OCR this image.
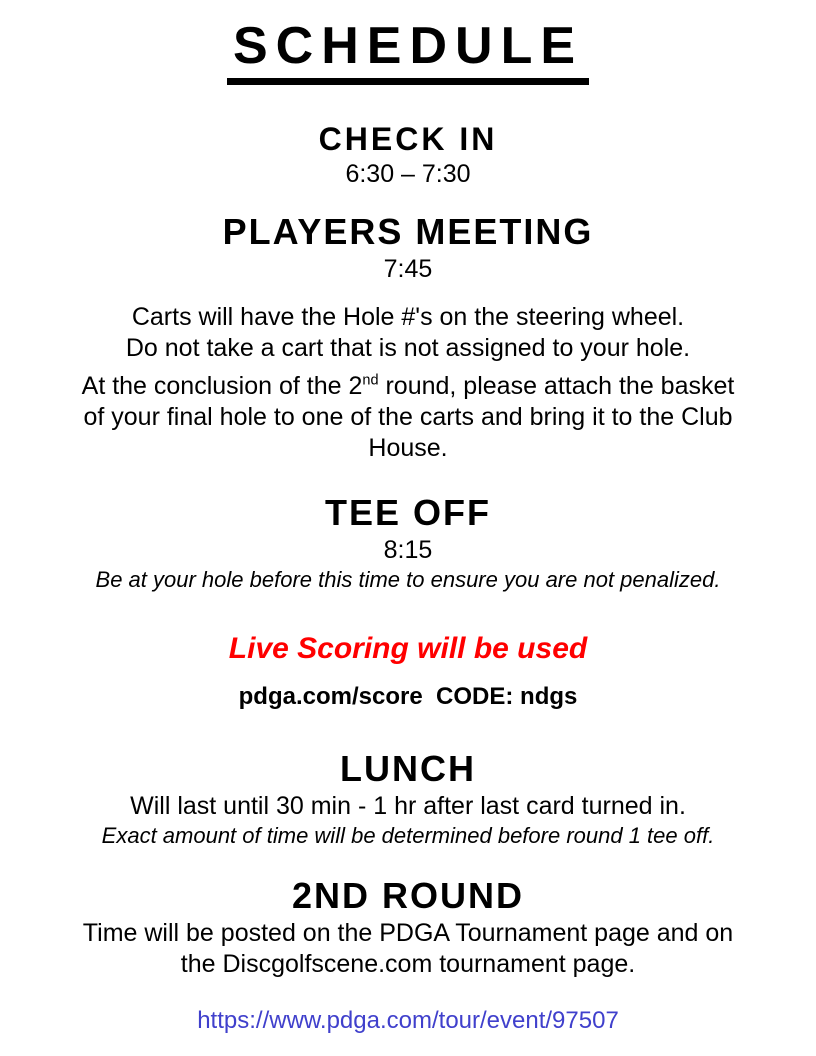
SCHEDULE
CHECK IN
6:30 – 7:30
PLAYERS MEETING
7:45
Carts will have the Hole #'s on the steering wheel.
Do not take a cart that is not assigned to your hole.
At the conclusion of the 2nd round, please attach the basket
of your final hole to one of the carts and bring it to the Club
House.
TEE OFF
8:15
Be at your hole before this time to ensure you are not penalized.
Live Scoring will be used
pdga.com/score  CODE: ndgs
LUNCH
Will last until 30 min - 1 hr after last card turned in.
Exact amount of time will be determined before round 1 tee off.
2ND ROUND
Time will be posted on the PDGA Tournament page and on
the Discgolfscene.com tournament page.
https://www.pdga.com/tour/event/97507
